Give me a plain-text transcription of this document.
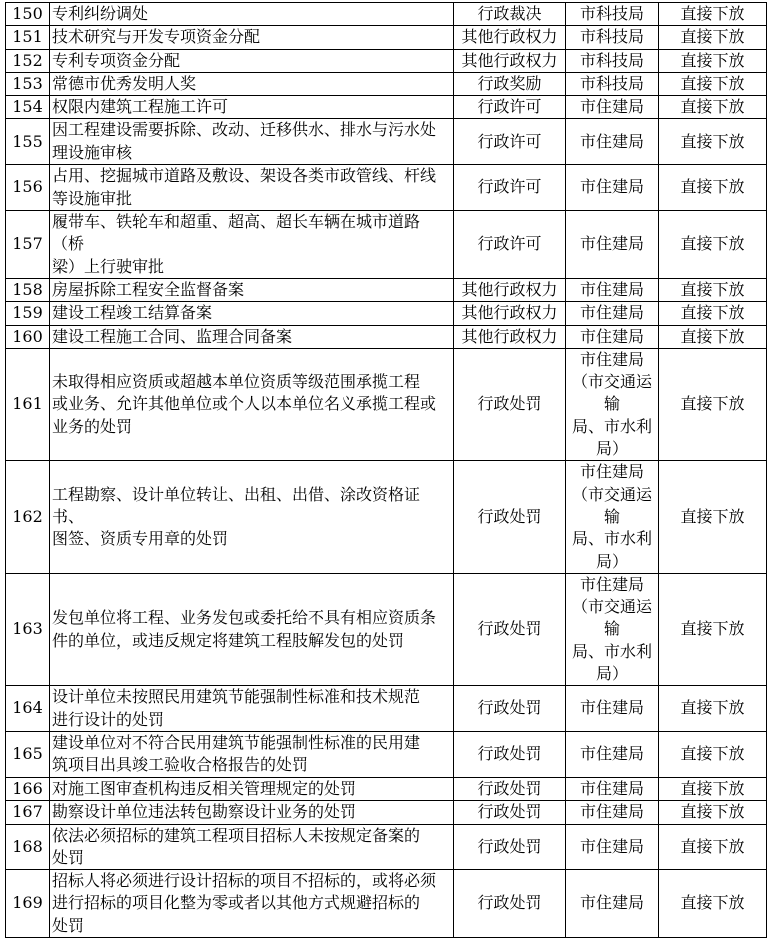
150	专利纠纷调处	行政裁决	市科技局	直接下放
151	技术研究与开发专项资金分配	其他行政权力	市科技局	直接下放
152	专利专项资金分配	其他行政权力	市科技局	直接下放
153	常德市优秀发明人奖	行政奖励	市科技局	直接下放
154	权限内建筑工程施工许可	行政许可	市住建局	直接下放
155	因工程建设需要拆除、改动、迁移供水、排水与污水处
理设施审核	行政许可	市住建局	直接下放
156	占用、挖掘城市道路及敷设、架设各类市政管线、杆线
等设施审批	行政许可	市住建局	直接下放
157	履带车、铁轮车和超重、超高、超长车辆在城市道路（桥
梁）上行驶审批	行政许可	市住建局	直接下放
158	房屋拆除工程安全监督备案	其他行政权力	市住建局	直接下放
159	建设工程竣工结算备案	其他行政权力	市住建局	直接下放
160	建设工程施工合同、监理合同备案	其他行政权力	市住建局	直接下放
161	未取得相应资质或超越本单位资质等级范围承揽工程
或业务、允许其他单位或个人以本单位名义承揽工程或
业务的处罚	行政处罚	市住建局
（市交通运输
局、市水利局）	直接下放
162	工程勘察、设计单位转让、出租、出借、涂改资格证书、
图签、资质专用章的处罚	行政处罚	市住建局
（市交通运输
局、市水利局）	直接下放
163	发包单位将工程、业务发包或委托给不具有相应资质条
件的单位，或违反规定将建筑工程肢解发包的处罚	行政处罚	市住建局
（市交通运输
局、市水利局）	直接下放
164	设计单位未按照民用建筑节能强制性标准和技术规范
进行设计的处罚	行政处罚	市住建局	直接下放
165	建设单位对不符合民用建筑节能强制性标准的民用建
筑项目出具竣工验收合格报告的处罚	行政处罚	市住建局	直接下放
166	对施工图审查机构违反相关管理规定的处罚	行政处罚	市住建局	直接下放
167	勘察设计单位违法转包勘察设计业务的处罚	行政处罚	市住建局	直接下放
168	依法必须招标的建筑工程项目招标人未按规定备案的
处罚	行政处罚	市住建局	直接下放
169	招标人将必须进行设计招标的项目不招标的，或将必须
进行招标的项目化整为零或者以其他方式规避招标的
处罚	行政处罚	市住建局	直接下放
